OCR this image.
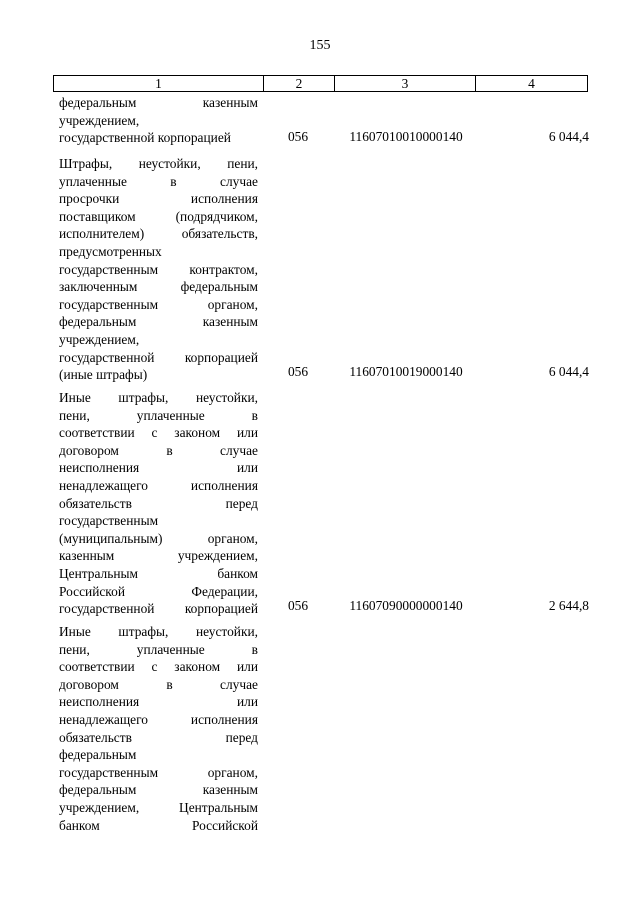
155
1	2	3	4
федеральным казенным
учреждением,
государственной корпорацией	056	11607010010000140	6 044,4
Штрафы, неустойки, пени,
уплаченные в случае
просрочки исполнения
поставщиком (подрядчиком,
исполнителем) обязательств,
предусмотренных
государственным контрактом,
заключенным федеральным
государственным органом,
федеральным казенным
учреждением,
государственной корпорацией
(иные штрафы)	056	11607010019000140	6 044,4
Иные штрафы, неустойки,
пени, уплаченные в
соответствии с законом или
договором в случае
неисполнения или
ненадлежащего исполнения
обязательств перед
государственным
(муниципальным) органом,
казенным учреждением,
Центральным банком
Российской Федерации,
государственной корпорацией	056	11607090000000140	2 644,8
Иные штрафы, неустойки,
пени, уплаченные в
соответствии с законом или
договором в случае
неисполнения или
ненадлежащего исполнения
обязательств перед
федеральным
государственным органом,
федеральным казенным
учреждением, Центральным
банком Российской
